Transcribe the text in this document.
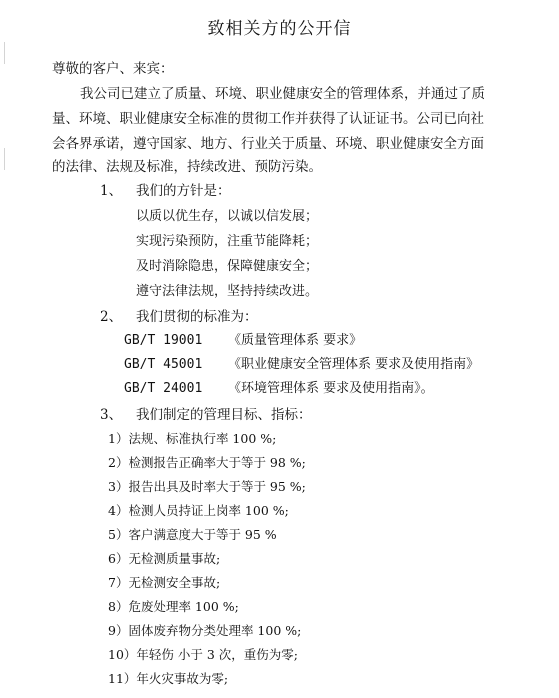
致相关方的公开信
尊敬的客户、来宾：
我公司已建立了质量、环境、职业健康安全的管理体系，并通过了质
量、环境、职业健康安全标准的贯彻工作并获得了认证证书。公司已向社
会各界承诺，遵守国家、地方、行业关于质量、环境、职业健康安全方面
的法律、法规及标准，持续改进、预防污染。
1、 我们的方针是：
以质以优生存，以诚以信发展；
实现污染预防，注重节能降耗；
及时消除隐患，保障健康安全；
遵守法律法规，坚持持续改进。
2、 我们贯彻的标准为：
GB/T 19001 《质量管理体系 要求》
GB/T 45001 《职业健康安全管理体系 要求及使用指南》
GB/T 24001 《环境管理体系 要求及使用指南》。
3、 我们制定的管理目标、指标：
1）法规、标准执行率 100 %;
2）检测报告正确率大于等于 98 %;
3）报告出具及时率大于等于 95 %;
4）检测人员持证上岗率 100 %;
5）客户满意度大于等于 95 %
6）无检测质量事故;
7）无检测安全事故;
8）危废处理率 100 %;
9）固体废弃物分类处理率 100 %;
10）年轻伤 小于 3 次，重伤为零;
11）年火灾事故为零;
